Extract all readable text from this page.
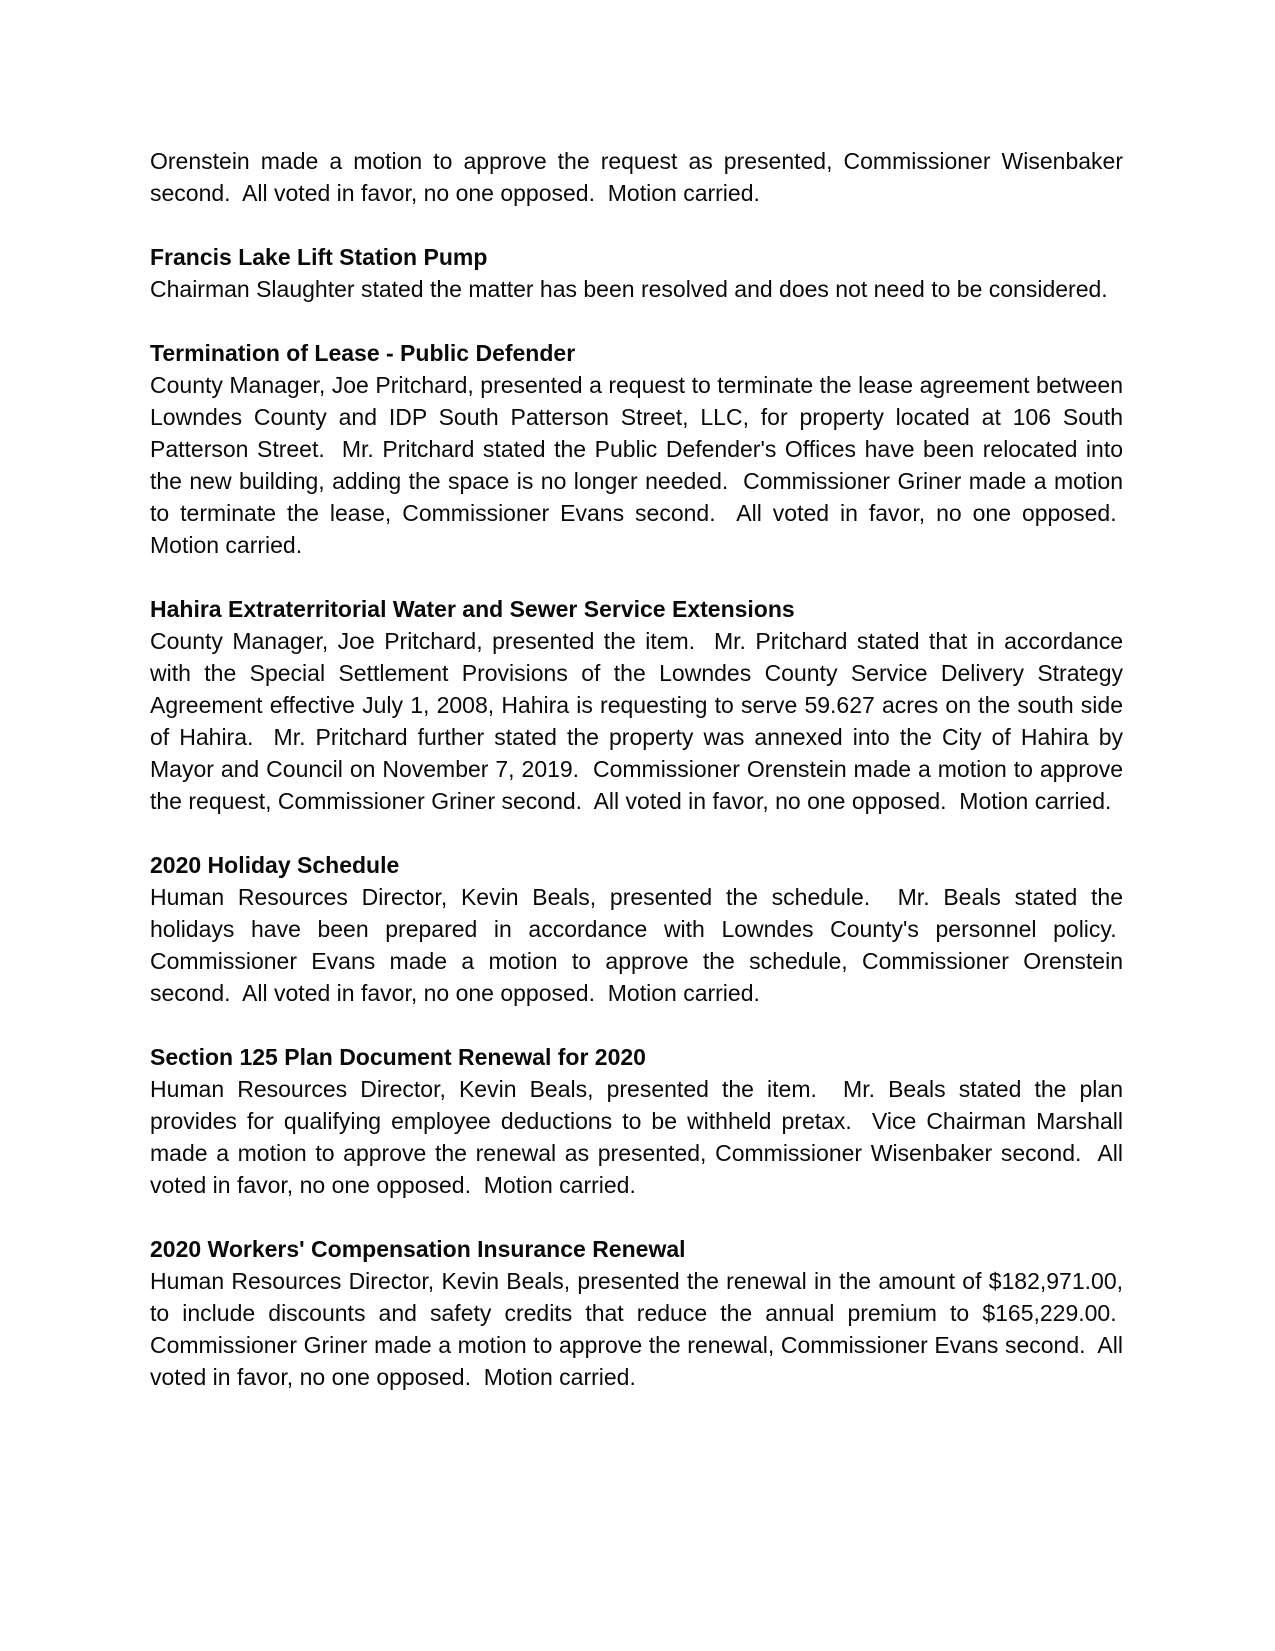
Orenstein made a motion to approve the request as presented, Commissioner Wisenbaker second.  All voted in favor, no one opposed.  Motion carried.

Francis Lake Lift Station Pump

Chairman Slaughter stated the matter has been resolved and does not need to be considered.

Termination of Lease - Public Defender

County Manager, Joe Pritchard, presented a request to terminate the lease agreement between Lowndes County and IDP South Patterson Street, LLC, for property located at 106 South Patterson Street.  Mr. Pritchard stated the Public Defender's Offices have been relocated into the new building, adding the space is no longer needed.  Commissioner Griner made a motion to terminate the lease, Commissioner Evans second.  All voted in favor, no one opposed.  Motion carried.

Hahira Extraterritorial Water and Sewer Service Extensions

County Manager, Joe Pritchard, presented the item.  Mr. Pritchard stated that in accordance with the Special Settlement Provisions of the Lowndes County Service Delivery Strategy Agreement effective July 1, 2008, Hahira is requesting to serve 59.627 acres on the south side of Hahira.  Mr. Pritchard further stated the property was annexed into the City of Hahira by Mayor and Council on November 7, 2019.  Commissioner Orenstein made a motion to approve the request, Commissioner Griner second.  All voted in favor, no one opposed.  Motion carried.

2020 Holiday Schedule

Human Resources Director, Kevin Beals, presented the schedule.  Mr. Beals stated the holidays have been prepared in accordance with Lowndes County's personnel policy.  Commissioner Evans made a motion to approve the schedule, Commissioner Orenstein second.  All voted in favor, no one opposed.  Motion carried.

Section 125 Plan Document Renewal for 2020

Human Resources Director, Kevin Beals, presented the item.  Mr. Beals stated the plan provides for qualifying employee deductions to be withheld pretax.  Vice Chairman Marshall made a motion to approve the renewal as presented, Commissioner Wisenbaker second.  All voted in favor, no one opposed.  Motion carried.

2020 Workers' Compensation Insurance Renewal

Human Resources Director, Kevin Beals, presented the renewal in the amount of $182,971.00, to include discounts and safety credits that reduce the annual premium to $165,229.00.  Commissioner Griner made a motion to approve the renewal, Commissioner Evans second.  All voted in favor, no one opposed.  Motion carried.
